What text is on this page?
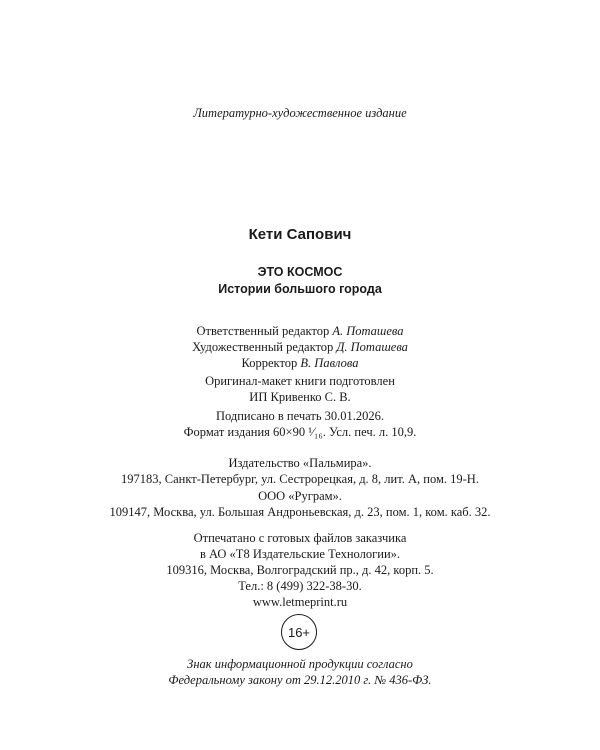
Литературно-художественное издание
Кети Сапович
ЭТО КОСМОС
Истории большого города
Ответственный редактор А. Поташева
Художественный редактор Д. Поташева
Корректор В. Павлова
Оригинал-макет книги подготовлен
ИП Кривенко С. В.
Подписано в печать 30.01.2026.
Формат издания 60×90 ¹⁄₁₆. Усл. печ. л. 10,9.
Издательство «Пальмира».
197183, Санкт-Петербург, ул. Сестрорецкая, д. 8, лит. А, пом. 19-Н.
ООО «Руграм».
109147, Москва, ул. Большая Андроньевская, д. 23, пом. 1, ком. каб. 32.
Отпечатано с готовых файлов заказчика
в АО «Т8 Издательские Технологии».
109316, Москва, Волгоградский пр., д. 42, корп. 5.
Тел.: 8 (499) 322-38-30.
www.letmeprint.ru
16+
Знак информационной продукции согласно
Федеральному закону от 29.12.2010 г. № 436-ФЗ.
